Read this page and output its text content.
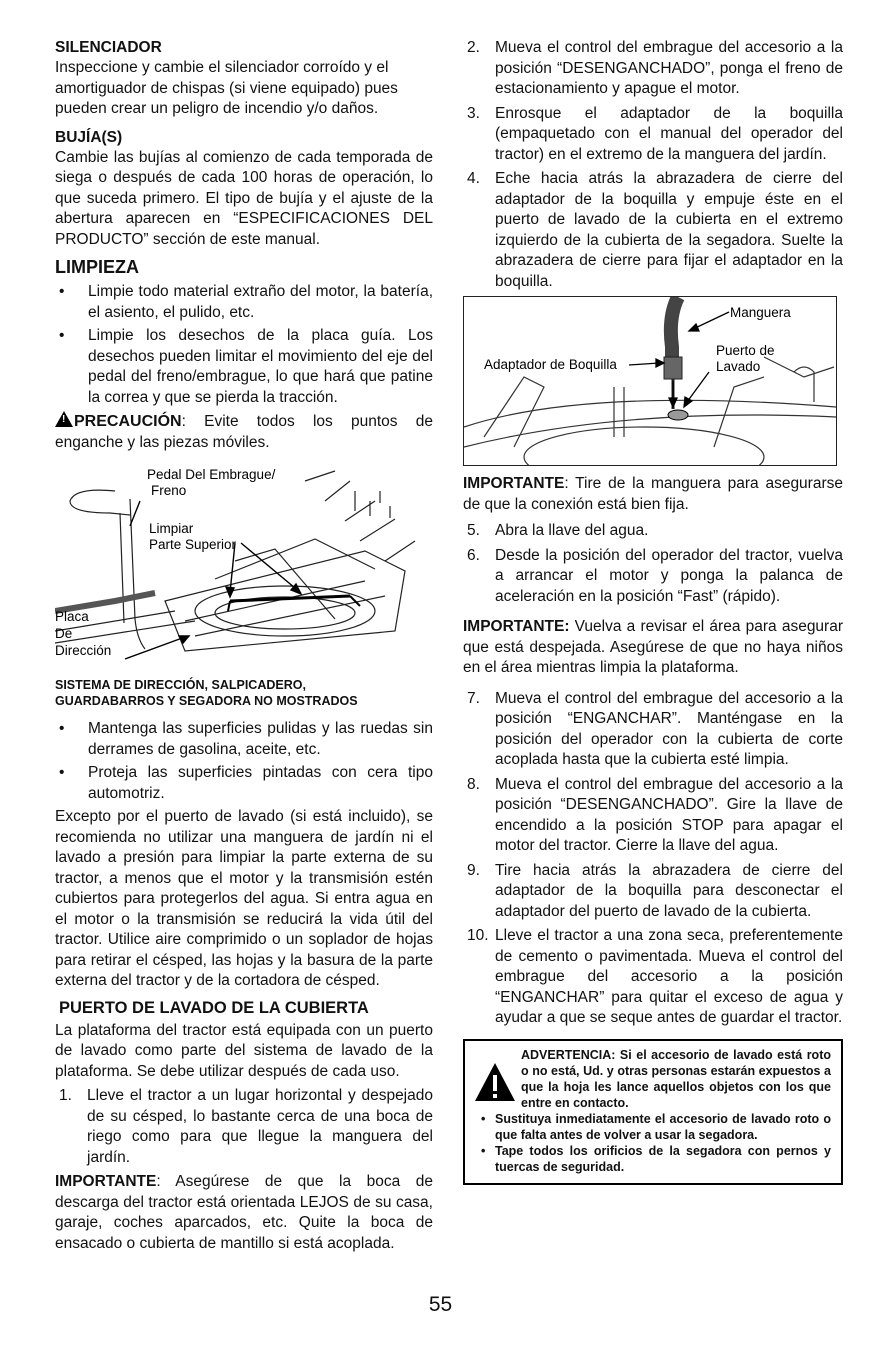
SILENCIADOR

Inspeccione y cambie el silenciador corroído y el amortiguador de chispas (si viene equipado) pues pueden crear un peligro de incendio y/o daños.

BUJÍA(S)

Cambie las bujías al comienzo de cada temporada de siega o después de cada 100 horas de operación, lo que suceda primero. El tipo de bujía y el ajuste de la abertura aparecen en “ESPECIFICACIONES DEL PRODUCTO” sección de este manual.

LIMPIEZA

• Limpie todo material extraño del motor, la batería, el asiento, el pulido, etc.
• Limpie los desechos de la placa guía. Los desechos pueden limitar el movimiento del eje del pedal del freno/embrague, lo que hará que patine la correa y que se pierda la tracción.

! PRECAUCIÓN: Evite todos los puntos de enganche y las piezas móviles.

Pedal Del Embrague/
Freno
Limpiar
Parte Superior
Placa
De
Dirección

SISTEMA DE DIRECCIÓN, SALPICADERO,
GUARDABARROS Y SEGADORA NO MOSTRADOS

• Mantenga las superficies pulidas y las ruedas sin derrames de gasolina, aceite, etc.
• Proteja las superficies pintadas con cera tipo automotriz.

Excepto por el puerto de lavado (si está incluido), se recomienda no utilizar una manguera de jardín ni el lavado a presión para limpiar la parte externa de su tractor, a menos que el motor y la transmisión estén cubiertos para protegerlos del agua. Si entra agua en el motor o la transmisión se reducirá la vida útil del tractor. Utilice aire comprimido o un soplador de hojas para retirar el césped, las hojas y la basura de la parte externa del tractor y de la cortadora de césped.

PUERTO DE LAVADO DE LA CUBIERTA

La plataforma del tractor está equipada con un puerto de lavado como parte del sistema de lavado de la plataforma. Se debe utilizar después de cada uso.

1. Lleve el tractor a un lugar horizontal y despejado de su césped, lo bastante cerca de una boca de riego como para que llegue la manguera del jardín.

IMPORTANTE: Asegúrese de que la boca de descarga del tractor está orientada LEJOS de su casa, garaje, coches aparcados, etc. Quite la boca de ensacado o cubierta de mantillo si está acoplada.

2. Mueva el control del embrague del accesorio a la posición “DESENGANCHADO”, ponga el freno de estacionamiento y apague el motor.
3. Enrosque el adaptador de la boquilla (empaquetado con el manual del operador del tractor) en el extremo de la manguera del jardín.
4. Eche hacia atrás la abrazadera de cierre del adaptador de la boquilla y empuje éste en el puerto de lavado de la cubierta en el extremo izquierdo de la cubierta de la segadora. Suelte la abrazadera de cierre para fijar el adaptador en la boquilla.
Manguera
Adaptador de Boquilla
Puerto de
Lavado

IMPORTANTE: Tire de la manguera para asegurarse de que la conexión está bien fija.

5. Abra la llave del agua.
6. Desde la posición del operador del tractor, vuelva a arrancar el motor y ponga la palanca de aceleración en la posición “Fast” (rápido).

IMPORTANTE: Vuelva a revisar el área para asegurar que está despejada. Asegúrese de que no haya niños en el área mientras limpia la plataforma.

7. Mueva el control del embrague del accesorio a la posición “ENGANCHAR”. Manténgase en la posición del operador con la cubierta de corte acoplada hasta que la cubierta esté limpia.
8. Mueva el control del embrague del accesorio a la posición “DESENGANCHADO”. Gire la llave de encendido a la posición STOP para apagar el motor del tractor. Cierre la llave del agua.
9. Tire hacia atrás la abrazadera de cierre del adaptador de la boquilla para desconectar el adaptador del puerto de lavado de la cubierta.
10. Lleve el tractor a una zona seca, preferentemente de cemento o pavimentada. Mueva el control del embrague del accesorio a la posición “ENGANCHAR” para quitar el exceso de agua y ayudar a que se seque antes de guardar el tractor.

ADVERTENCIA: Si el accesorio de lavado está roto o no está, Ud. y otras personas estarán expuestos a que la hoja les lance aquellos objetos con los que entre en contacto.

• Sustituya inmediatamente el accesorio de lavado roto o que falta antes de volver a usar la segadora.
• Tape todos los orificios de la segadora con pernos y tuercas de seguridad.
55
